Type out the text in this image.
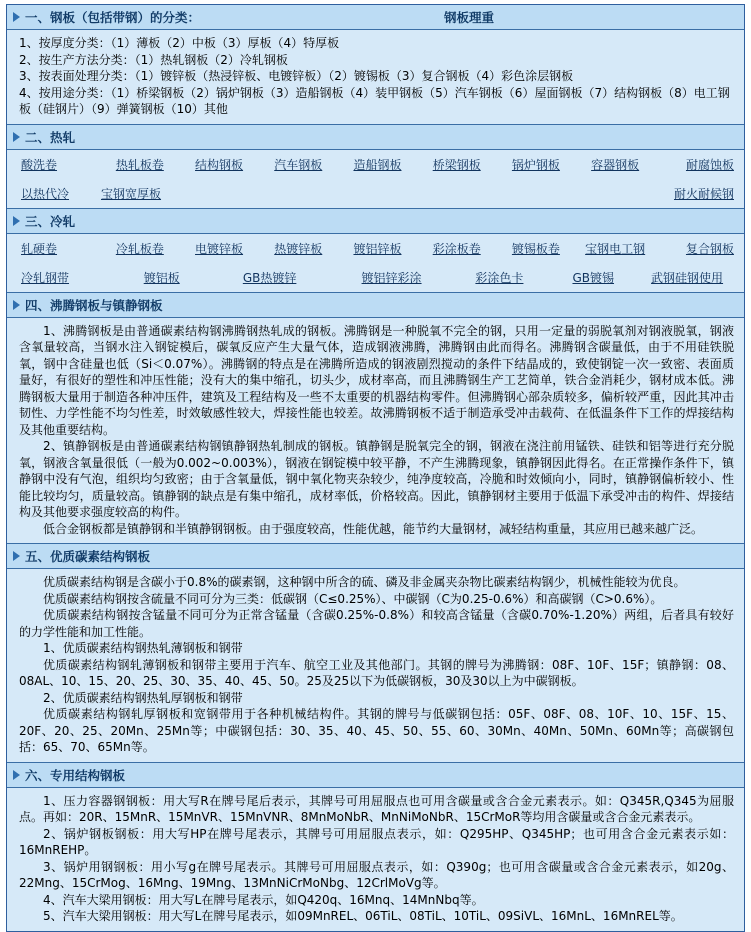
一、 钢板（包括带钢）的分类：	钢板理重
1、按厚度分类：（1）薄板（2）中板（3）厚板（4）特厚板
2、按生产方法分类：（1）热轧钢板（2）冷轧钢板
3、按表面处理分类：（1）镀锌板（热浸锌板、电镀锌板）（2）镀锡板（3）复合钢板（4）彩色涂层钢板
4、按用途分类：（1）桥梁钢板（2）锅炉钢板（3）造船钢板（4）装甲钢板（5）汽车钢板（6）屋面钢板（7）结构钢板（8）电工钢板（硅钢片）（9）弹簧钢板（10）其他
二、 热轧
酸洗卷	热轧板卷	结构钢板	汽车钢板	造船钢板	桥梁钢板	锅炉钢板	容器钢板	耐腐蚀板
以热代冷	宝钢宽厚板	耐火耐候钢
三、 冷轧
轧硬卷	冷轧板卷	电镀锌板	热镀锌板	镀铝锌板	彩涂板卷	镀锡板卷	宝钢电工钢	复合钢板
冷轧钢带	镀铝板	GB热镀锌	镀铝锌彩涂	彩涂色卡	GB镀锡	武钢硅钢使用
四、 沸腾钢板与镇静钢板
1、沸腾钢板是由普通碳素结构钢沸腾钢热轧成的钢板。沸腾钢是一种脱氧不完全的钢，只用一定量的弱脱氧剂对钢液脱氧，钢液含氧量较高，当钢水注入钢锭模后，碳氧反应产生大量气体，造成钢液沸腾，沸腾钢由此而得名。沸腾钢含碳量低，由于不用硅铁脱氧，钢中含硅量也低（Si＜0.07%）。沸腾钢的特点是在沸腾所造成的钢液剧烈搅动的条件下结晶成的，致使钢锭一次一致密、表面质量好，有很好的塑性和冲压性能；没有大的集中缩孔，切头少，成材率高，而且沸腾钢生产工艺简单，铁合金消耗少，钢材成本低。沸腾钢板大量用于制造各种冲压件，建筑及工程结构及一些不太重要的机器结构零件。但沸腾钢心部杂质较多，偏析较严重，因此其冲击韧性、力学性能不均匀性差，时效敏感性较大，焊接性能也较差。故沸腾钢板不适于制造承受冲击载荷、在低温条件下工作的焊接结构及其他重要结构。
2、镇静钢板是由普通碳素结构钢镇静钢热轧制成的钢板。镇静钢是脱氧完全的钢，钢液在浇注前用锰铁、硅铁和铝等进行充分脱氧，钢液含氧量很低（一般为0.002~0.003%），钢液在钢锭模中较平静，不产生沸腾现象，镇静钢因此得名。在正常操作条件下，镇静钢中没有气泡，组织均匀致密；由于含氧量低，钢中氧化物夹杂较少，纯净度较高，冷脆和时效倾向小，同时，镇静钢偏析较小、性能比较均匀，质量较高。镇静钢的缺点是有集中缩孔，成材率低，价格较高。因此，镇静钢材主要用于低温下承受冲击的构件、焊接结构及其他要求强度较高的构件。
低合金钢板都是镇静钢和半镇静钢钢板。由于强度较高，性能优越，能节约大量钢材，减轻结构重量，其应用已越来越广泛。
五、 优质碳素结构钢板
优质碳素结构钢是含碳小于0.8%的碳素钢，这种钢中所含的硫、磷及非金属夹杂物比碳素结构钢少，机械性能较为优良。
优质碳素结构钢按含硫量不同可分为三类：低碳钢（C≤0.25%）、中碳钢（C为0.25-0.6%）和高碳钢（C>0.6%）。
优质碳素结构钢按含锰量不同可分为正常含锰量（含碳0.25%-0.8%）和较高含锰量（含碳0.70%-1.20%）两组，后者具有较好的力学性能和加工性能。
1、优质碳素结构钢热轧薄钢板和钢带
优质碳素结构钢轧薄钢板和钢带主要用于汽车、航空工业及其他部门。其钢的牌号为沸腾钢：08F、10F、15F；镇静钢：08、08AL、10、15、20、25、30、35、40、45、50。25及25以下为低碳钢板，30及30以上为中碳钢板。
2、优质碳素结构钢热轧厚钢板和钢带
优质碳素结构钢轧厚钢板和宽钢带用于各种机械结构件。其钢的牌号与低碳钢包括：05F、08F、08、10F、10、15F、15、20F、20、25、20Mn、25Mn等；中碳钢包括：30、35、40、45、50、55、60、30Mn、40Mn、50Mn、60Mn等；高碳钢包括：65、70、65Mn等。
六、 专用结构钢板
1、压力容器钢钢板：用大写R在牌号尾后表示，其牌号可用屈服点也可用含碳量或含合金元素表示。如：Q345R,Q345为屈服点。再如：20R、15MnR、15MnVR、15MnVNR、8MnMoNbR、MnNiMoNbR、15CrMoR等均用含碳量或含合金元素表示。
2、锅炉钢板钢板：用大写HP在牌号尾表示，其牌号可用屈服点表示，如：Q295HP、Q345HP；也可用含合金元素表示如：16MnREHP。
3、锅炉用钢钢板：用小写g在牌号尾表示。其牌号可用屈服点表示，如：Q390g；也可用含碳量或含合金元素表示，如20g、22Mng、15CrMog、16Mng、19Mng、13MnNiCrMoNbg、12CrlMoVg等。
4、汽车大梁用钢板：用大写L在牌号尾表示，如Q420q、16Mnq、14MnNbq等。
5、汽车大梁用钢板：用大写L在牌号尾表示，如09MnREL、06TiL、08TiL、10TiL、09SiVL、16MnL、16MnREL等。
